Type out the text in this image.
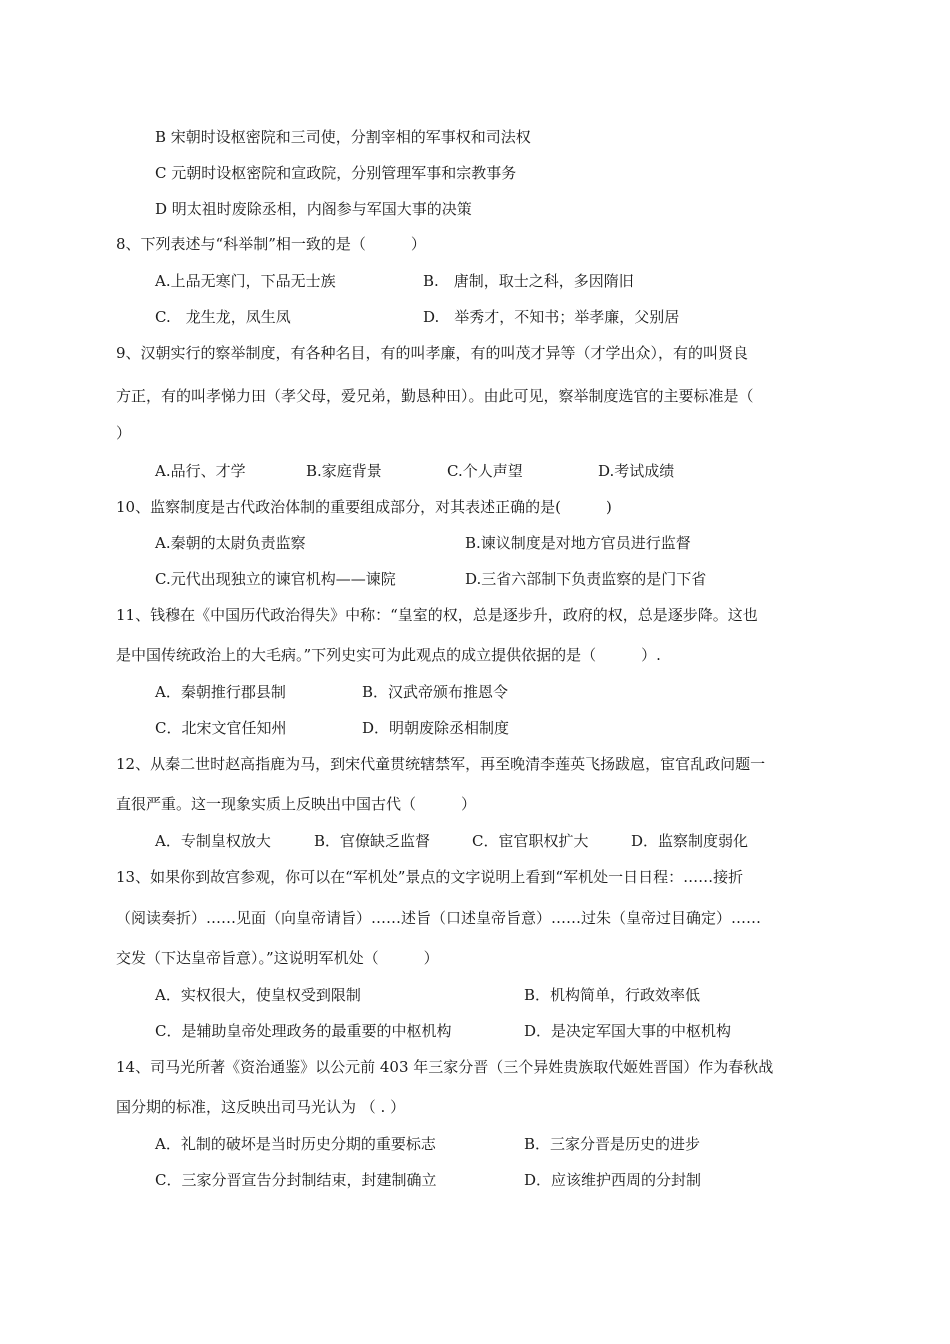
B 宋朝时设枢密院和三司使，分割宰相的军事权和司法权
C 元朝时设枢密院和宣政院，分别管理军事和宗教事务
D 明太祖时废除丞相，内阁参与军国大事的决策
8、下列表述与“科举制”相一致的是（　　　）
A.上品无寒门，下品无士族	B.　唐制，取士之科，多因隋旧
C.　龙生龙，凤生凤	D.　举秀才，不知书；举孝廉，父别居
9、汉朝实行的察举制度，有各种名目，有的叫孝廉，有的叫茂才异等（才学出众），有的叫贤良
方正，有的叫孝悌力田（孝父母，爱兄弟，勤恳种田）。由此可见，察举制度选官的主要标准是（
）
A.品行、才学	B.家庭背景	C.个人声望	D.考试成绩
10、监察制度是古代政治体制的重要组成部分，对其表述正确的是(　　　)
A.秦朝的太尉负责监察	B.谏议制度是对地方官员进行监督
C.元代出现独立的谏官机构——谏院	D.三省六部制下负责监察的是门下省
11、钱穆在《中国历代政治得失》中称：“皇室的权，总是逐步升，政府的权，总是逐步降。这也
是中国传统政治上的大毛病。”下列史实可为此观点的成立提供依据的是（　　　）.
A．秦朝推行郡县制	B．汉武帝颁布推恩令
C．北宋文官任知州	D．明朝废除丞相制度
12、从秦二世时赵高指鹿为马，到宋代童贯统辖禁军，再至晚清李莲英飞扬跋扈，宦官乱政问题一
直很严重。这一现象实质上反映出中国古代（　　　）
A．专制皇权放大	B．官僚缺乏监督	C．宦官职权扩大	D．监察制度弱化
13、如果你到故宫参观，你可以在“军机处”景点的文字说明上看到“军机处一日日程：……接折
（阅读奏折）……见面（向皇帝请旨）……述旨（口述皇帝旨意）……过朱（皇帝过目确定）……
交发（下达皇帝旨意）。”这说明军机处（　　　）
A．实权很大，使皇权受到限制	B．机构简单，行政效率低
C．是辅助皇帝处理政务的最重要的中枢机构	D．是决定军国大事的中枢机构
14、司马光所著《资治通鉴》以公元前 403 年三家分晋（三个异姓贵族取代姬姓晋国）作为春秋战
国分期的标准，这反映出司马光认为 （ . ）
A．礼制的破坏是当时历史分期的重要标志	B．三家分晋是历史的进步
C．三家分晋宣告分封制结束，封建制确立	D．应该维护西周的分封制
